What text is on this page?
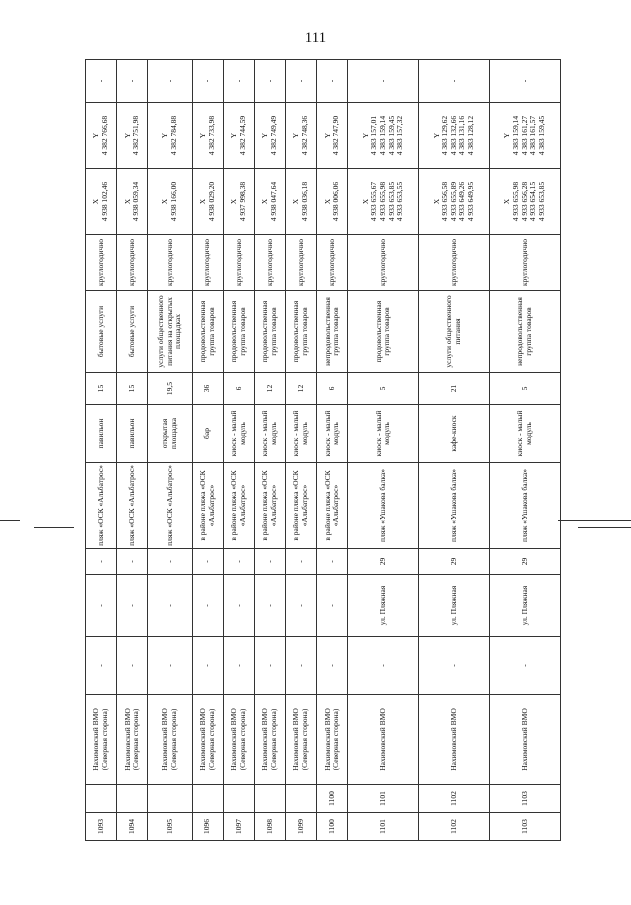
111
1093		Нахимовский ВМО (Северная сторона)	-	-	-	пляж «ОСК «Альбатрос»	павильон	15	бытовые услуги	круглогодично	X 4 938 102,46	Y 4 382 766,68	-
1094		Нахимовский ВМО (Северная сторона)	-	-	-	пляж «ОСК «Альбатрос»	павильон	15	бытовые услуги	круглогодично	X 4 938 059,34	Y 4 382 751,98	-
1095		Нахимовский ВМО (Северная сторона)	-	-	-	пляж «ОСК «Альбатрос»	открытая площадка	19,5	услуги общественного питания на открытых площадках	круглогодично	X 4 938 166,00	Y 4 382 784,88	-
1096		Нахимовский ВМО (Северная сторона)	-	-	-	в районе пляжа «ОСК «Альбатрос»	бар	36	продовольственная группа товаров	круглогодично	X 4 938 029,20	Y 4 382 733,98	-
1097		Нахимовский ВМО (Северная сторона)	-	-	-	в районе пляжа «ОСК «Альбатрос»	киоск - малый модуль	6	продовольственная группа товаров	круглогодично	X 4 937 998,38	Y 4 382 744,59	-
1098		Нахимовский ВМО (Северная сторона)	-	-	-	в районе пляжа «ОСК «Альбатрос»	киоск - малый модуль	12	продовольственная группа товаров	круглогодично	X 4 938 047,64	Y 4 382 749,49	-
1099		Нахимовский ВМО (Северная сторона)	-	-	-	в районе пляжа «ОСК «Альбатрос»	киоск - малый модуль	12	продовольственная группа товаров	круглогодично	X 4 938 036,18	Y 4 382 748,36	-
1100	1100	Нахимовский ВМО (Северная сторона)	-	-	-	в районе пляжа «ОСК «Альбатрос»	киоск - малый модуль	6	непродовольственная группа товаров	круглогодично	X 4 938 006,06	Y 4 382 747,90	-
1101	1101	Нахимовский ВМО	-	ул. Пляжная	29	пляж «Ушакова балка»	киоск - малый модуль	5	продовольственная группа товаров	круглогодично	X 4 933 655,67 4 933 655,98 4 933 653,85 4 933 653,55	Y 4 383 157,01 4 383 159,14 4 383 159,45 4 383 157,32	-
1102	1102	Нахимовский ВМО	-	ул. Пляжная	29	пляж «Ушакова балка»	кафе-киоск	21	услуги общественного питания	круглогодично	X 4 933 656,58 4 933 655,89 4 933 649,26 4 933 649,95	Y 4 383 129,62 4 383 132,66 4 383 131,16 4 383 128,12	-
1103	1103	Нахимовский ВМО	-	ул. Пляжная	29	пляж «Ушакова балка»	киоск - малый модуль	5	непродовольственная группа товаров	круглогодично	X 4 933 655,98 4 933 656,28 4 933 654,15 4 933 653,85	Y 4 383 159,14 4 383 161,27 4 383 161,57 4 383 159,45	-
